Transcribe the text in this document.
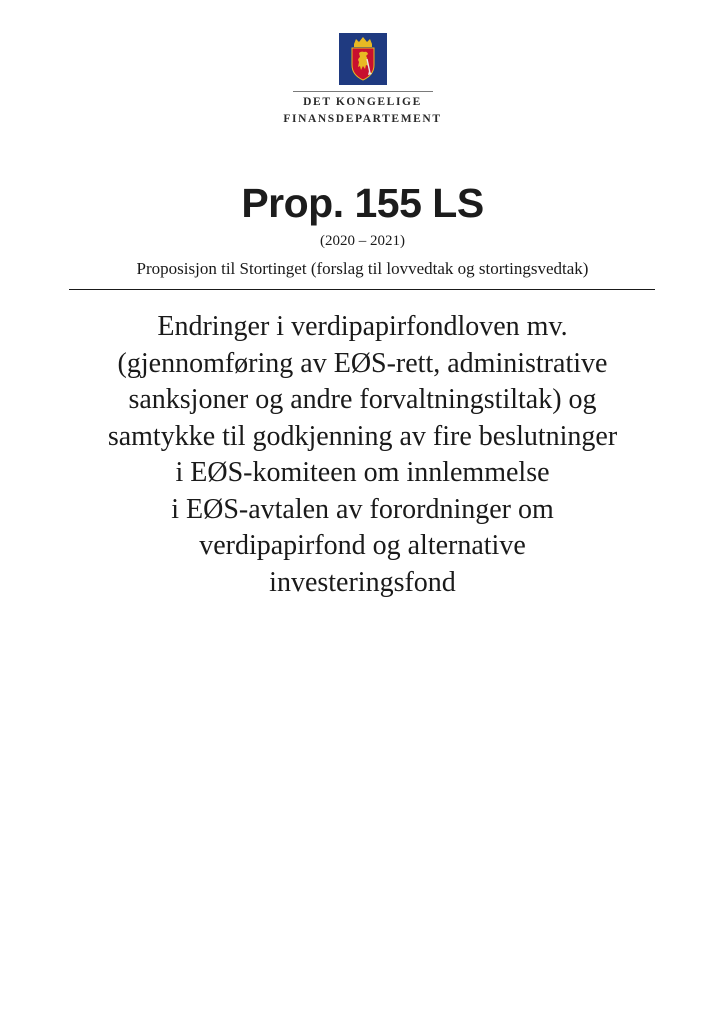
DET KONGELIGE
FINANSDEPARTEMENT
Prop. 155 LS
(2020 – 2021)
Proposisjon til Stortinget (forslag til lovvedtak og stortingsvedtak)
Endringer i verdipapirfondloven mv.
(gjennomføring av EØS-rett, administrative
sanksjoner og andre forvaltningstiltak) og
samtykke til godkjenning av fire beslutninger
i EØS-komiteen om innlemmelse
i EØS-avtalen av forordninger om
verdipapirfond og alternative
investeringsfond
